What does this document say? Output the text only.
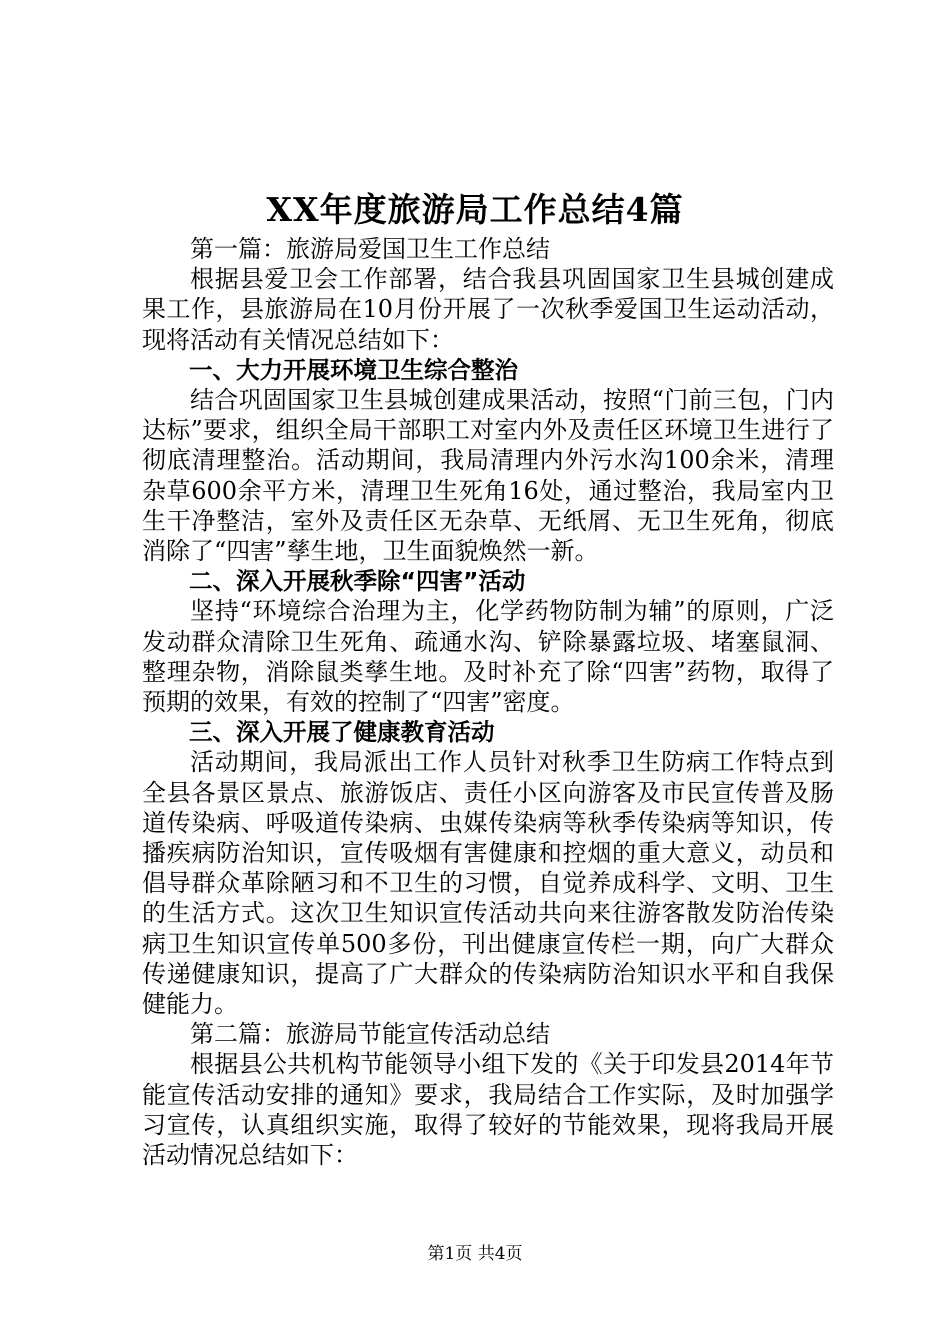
XX年度旅游局工作总结4篇

第一篇：旅游局爱国卫生工作总结

根据县爱卫会工作部署，结合我县巩固国家卫生县城创建成果工作，县旅游局在10月份开展了一次秋季爱国卫生运动活动，现将活动有关情况总结如下：

一、大力开展环境卫生综合整治

结合巩固国家卫生县城创建成果活动，按照“门前三包，门内达标”要求，组织全局干部职工对室内外及责任区环境卫生进行了彻底清理整治。活动期间，我局清理内外污水沟100余米，清理杂草600余平方米，清理卫生死角16处，通过整治，我局室内卫生干净整洁，室外及责任区无杂草、无纸屑、无卫生死角，彻底消除了“四害”孳生地，卫生面貌焕然一新。

二、深入开展秋季除“四害”活动

坚持“环境综合治理为主，化学药物防制为辅”的原则，广泛发动群众清除卫生死角、疏通水沟、铲除暴露垃圾、堵塞鼠洞、整理杂物，消除鼠类孳生地。及时补充了除“四害”药物，取得了预期的效果，有效的控制了“四害”密度。

三、深入开展了健康教育活动

活动期间，我局派出工作人员针对秋季卫生防病工作特点到全县各景区景点、旅游饭店、责任小区向游客及市民宣传普及肠道传染病、呼吸道传染病、虫媒传染病等秋季传染病等知识，传播疾病防治知识，宣传吸烟有害健康和控烟的重大意义，动员和倡导群众革除陋习和不卫生的习惯，自觉养成科学、文明、卫生的生活方式。这次卫生知识宣传活动共向来往游客散发防治传染病卫生知识宣传单500多份，刊出健康宣传栏一期，向广大群众传递健康知识，提高了广大群众的传染病防治知识水平和自我保健能力。

第二篇：旅游局节能宣传活动总结

根据县公共机构节能领导小组下发的《关于印发县2014年节能宣传活动安排的通知》要求，我局结合工作实际，及时加强学习宣传，认真组织实施，取得了较好的节能效果，现将我局开展活动情况总结如下：

第1页 共4页
